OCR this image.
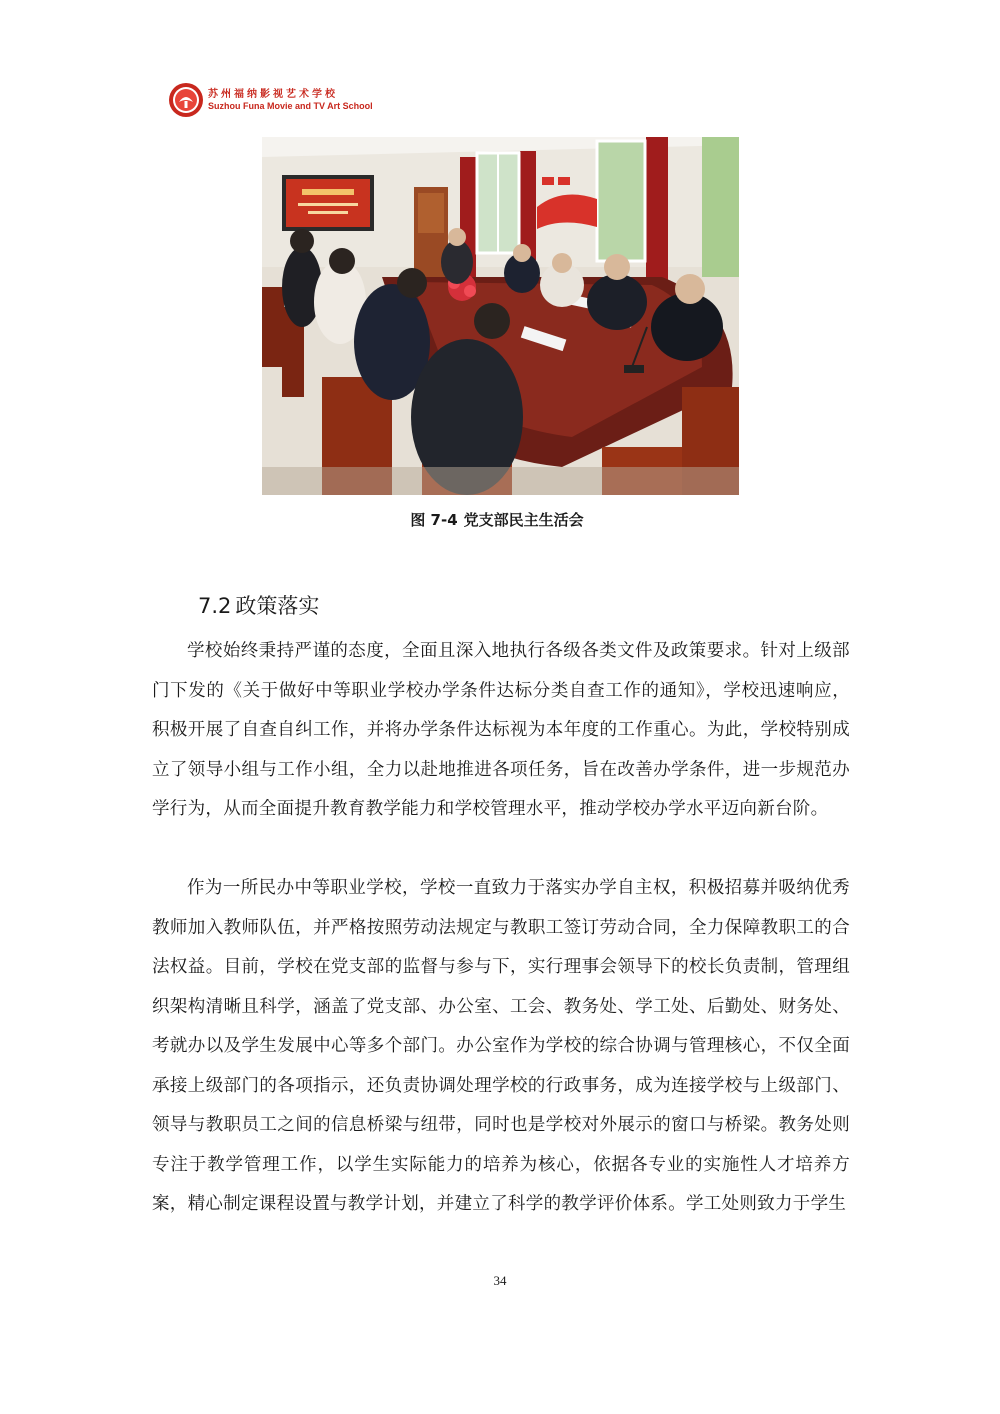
苏州福纳影视艺术学校
Suzhou Funa Movie and TV Art School
图 7-4 党支部民主生活会
7.2 政策落实

学校始终秉持严谨的态度，全面且深入地执行各级各类文件及政策要求。针对上级部门下发的《关于做好中等职业学校办学条件达标分类自查工作的通知》，学校迅速响应，积极开展了自查自纠工作，并将办学条件达标视为本年度的工作重心。为此，学校特别成立了领导小组与工作小组，全力以赴地推进各项任务，旨在改善办学条件，进一步规范办学行为，从而全面提升教育教学能力和学校管理水平，推动学校办学水平迈向新台阶。

作为一所民办中等职业学校，学校一直致力于落实办学自主权，积极招募并吸纳优秀教师加入教师队伍，并严格按照劳动法规定与教职工签订劳动合同，全力保障教职工的合法权益。目前，学校在党支部的监督与参与下，实行理事会领导下的校长负责制，管理组织架构清晰且科学，涵盖了党支部、办公室、工会、教务处、学工处、后勤处、财务处、考就办以及学生发展中心等多个部门。办公室作为学校的综合协调与管理核心，不仅全面承接上级部门的各项指示，还负责协调处理学校的行政事务，成为连接学校与上级部门、领导与教职员工之间的信息桥梁与纽带，同时也是学校对外展示的窗口与桥梁。教务处则专注于教学管理工作，以学生实际能力的培养为核心，依据各专业的实施性人才培养方案，精心制定课程设置与教学计划，并建立了科学的教学评价体系。学工处则致力于学生

34
